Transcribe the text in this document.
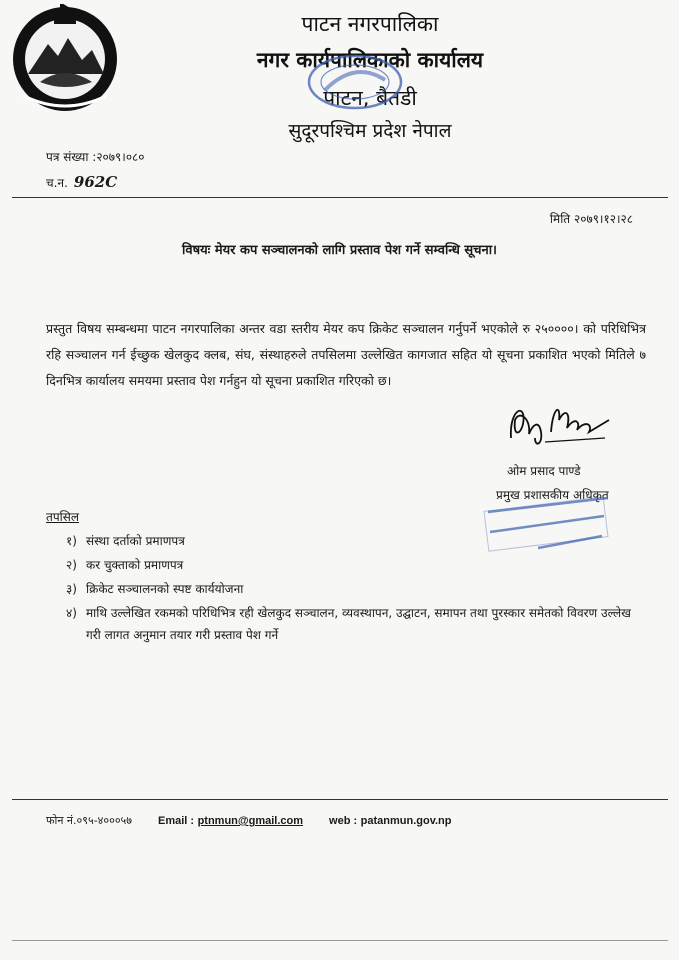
पाटन नगरपालिका
नगर कार्यपालिकाको कार्यालय
पाटन, बैतडी
सुदूरपश्चिम प्रदेश नेपाल
पत्र संख्या :२०७९।०८०
च.न. 962C
मिति २०७९।१२।२८
विषयः मेयर कप सञ्चालनको लागि प्रस्ताव पेश गर्ने सम्वन्धि सूचना।
प्रस्तुत विषय सम्बन्धमा पाटन नगरपालिका अन्तर वडा स्तरीय मेयर कप क्रिकेट सञ्चालन गर्नुपर्ने भएकोले रु २५००००। को परिधिभित्र रहि सञ्चालन गर्न ईच्छुक खेलकुद क्लब, संघ, संस्थाहरुले तपसिलमा उल्लेखित कागजात सहित यो सूचना प्रकाशित भएको मितिले ७ दिनभित्र कार्यालय समयमा प्रस्ताव पेश गर्नहुन यो सूचना प्रकाशित गरिएको छ।
ओम प्रसाद पाण्डे
प्रमुख प्रशासकीय अधिकृत
तपसिल
१) संस्था दर्ताको प्रमाणपत्र
२) कर चुक्ताको प्रमाणपत्र
३) क्रिकेट सञ्चालनको स्पष्ट कार्ययोजना
४) माथि उल्लेखित रकमको परिधिभित्र रही खेलकुद सञ्चालन, व्यवस्थापन, उद्घाटन, समापन तथा पुरस्कार समेतको विवरण उल्लेख गरी लागत अनुमान तयार गरी प्रस्ताव पेश गर्ने
फोन नं.०९५-४०००५७ Email : ptnmun@gmail.com web : patanmun.gov.np
